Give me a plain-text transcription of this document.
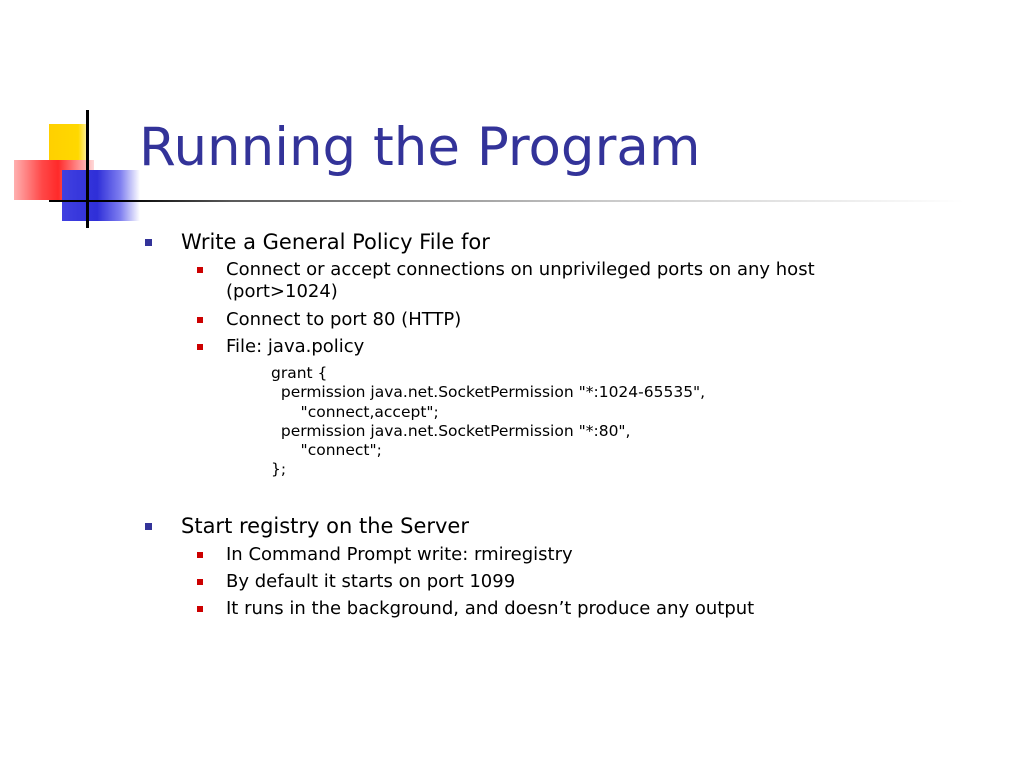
Running the Program
Write a General Policy File for
Connect or accept connections on unprivileged ports on any host
(port>1024)
Connect to port 80 (HTTP)
File: java.policy
grant {
permission java.net.SocketPermission "*:1024-65535",
"connect,accept";
permission java.net.SocketPermission "*:80",
"connect";
};
Start registry on the Server
In Command Prompt write: rmiregistry
By default it starts on port 1099
It runs in the background, and doesn’t produce any output
